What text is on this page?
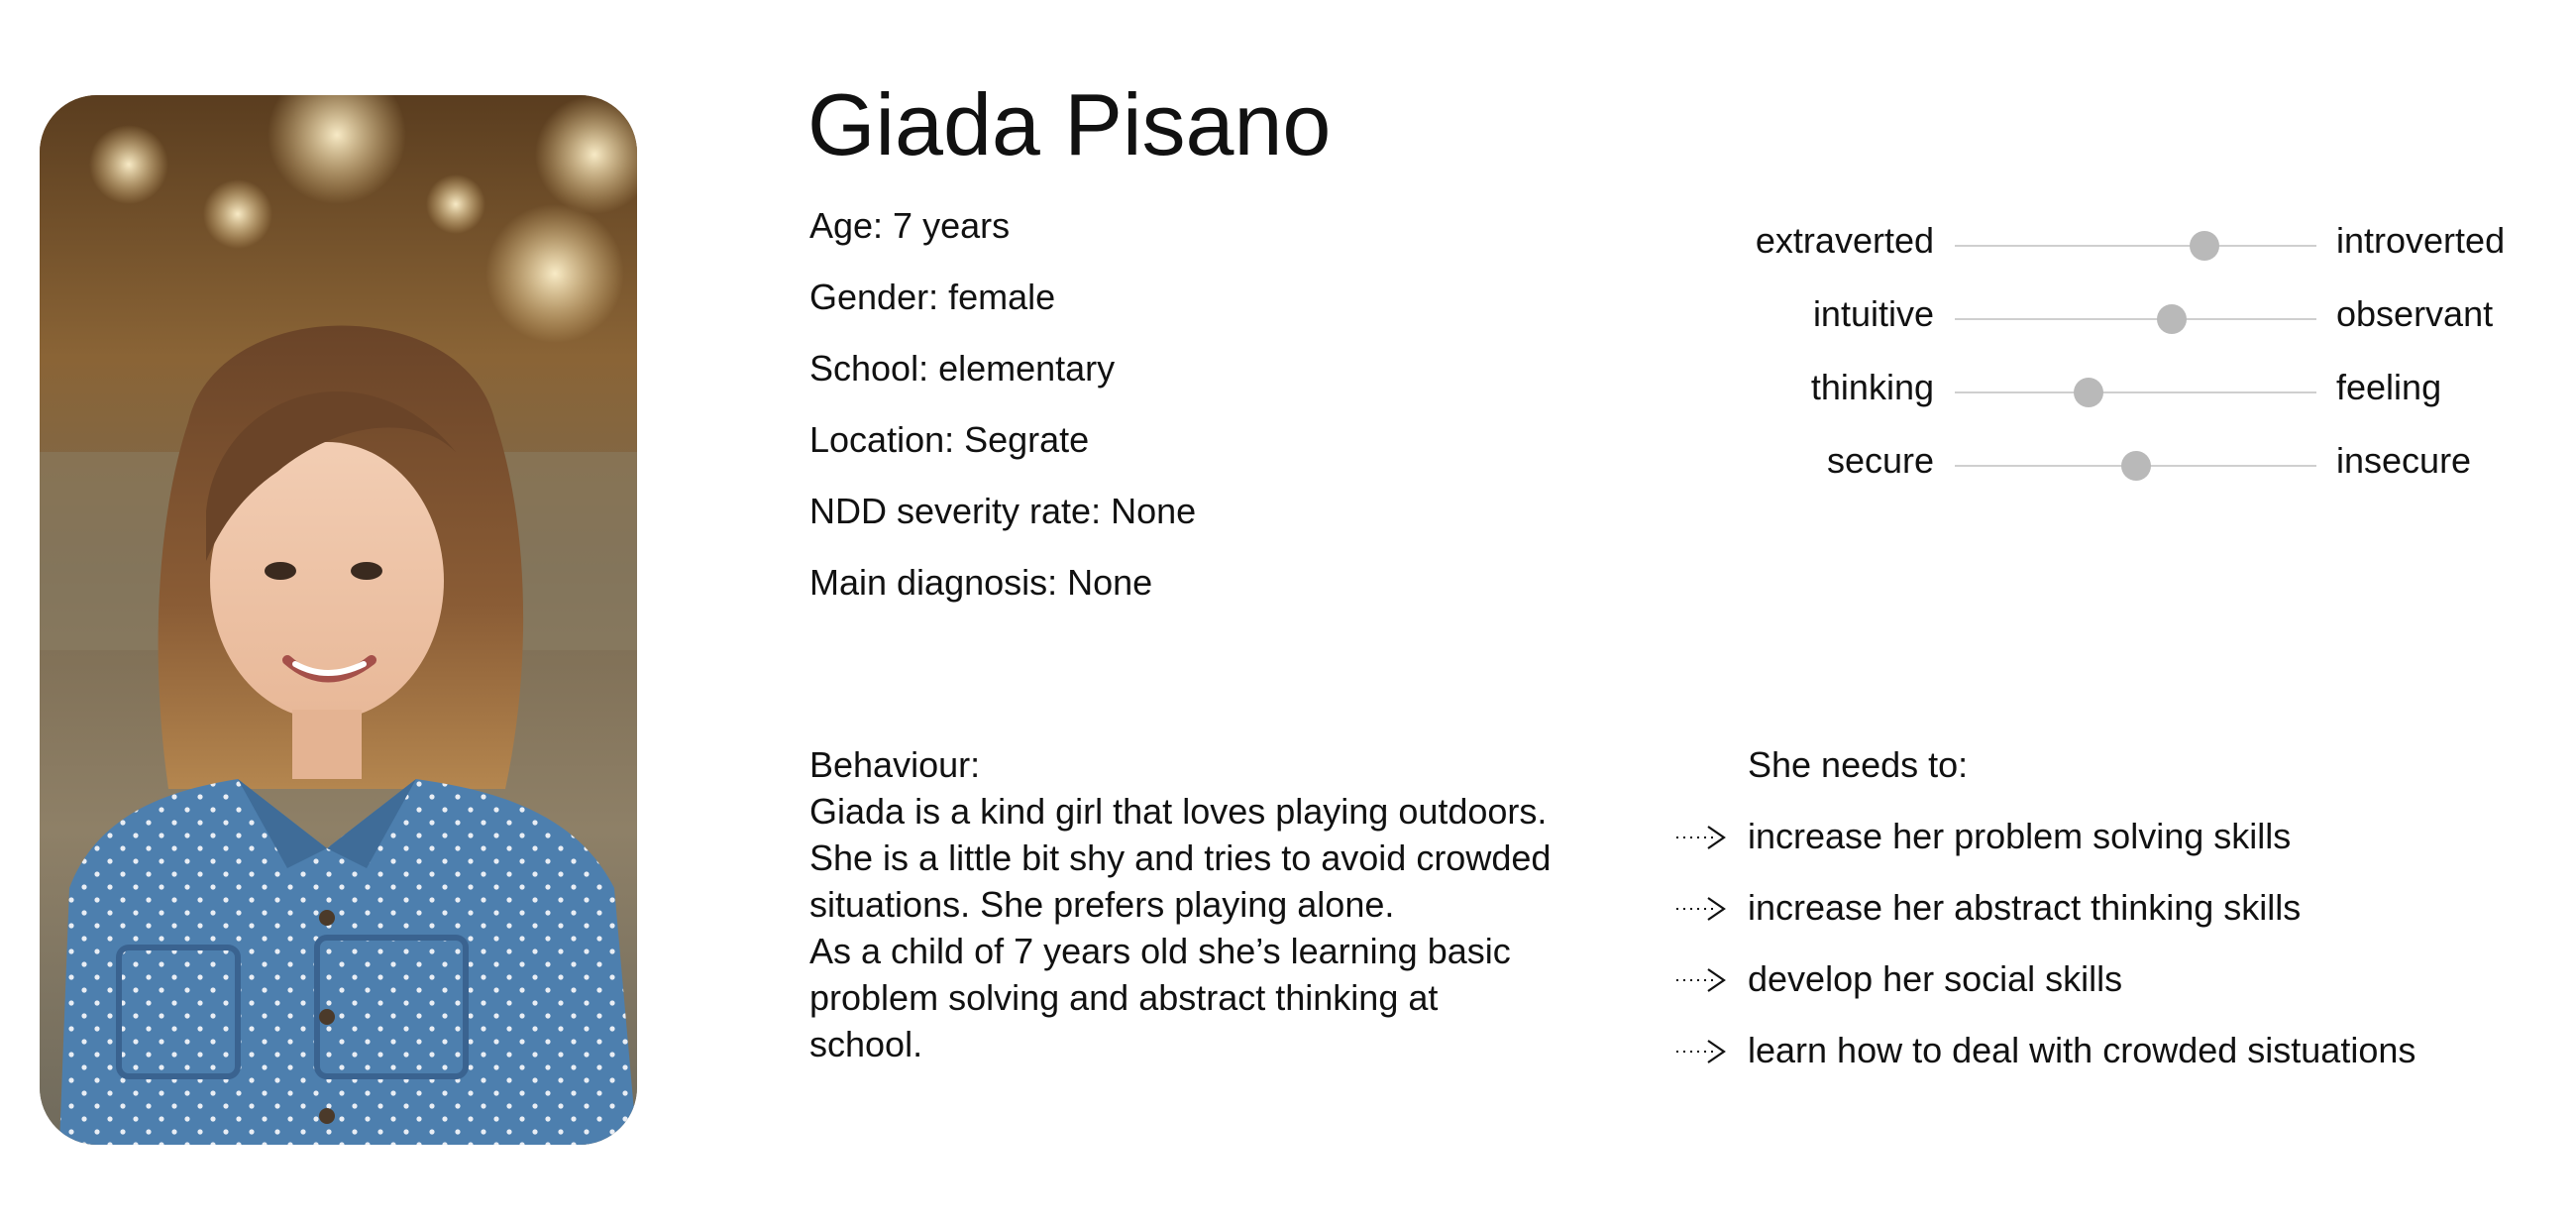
Giada Pisano
Age: 7 years
Gender: female
School: elementary
Location: Segrate
NDD severity rate: None
Main diagnosis: None
extraverted	introverted
intuitive	observant
thinking	feeling
secure	insecure

Behaviour:

Giada is a kind girl that loves playing outdoors.

She is a little bit shy and tries to avoid crowded

situations. She prefers playing alone.

As a child of 7 years old she’s learning basic

problem solving and abstract thinking at

school.

She needs to:
increase her problem solving skills
increase her abstract thinking skills
develop her social skills
learn how to deal with crowded sistuations
